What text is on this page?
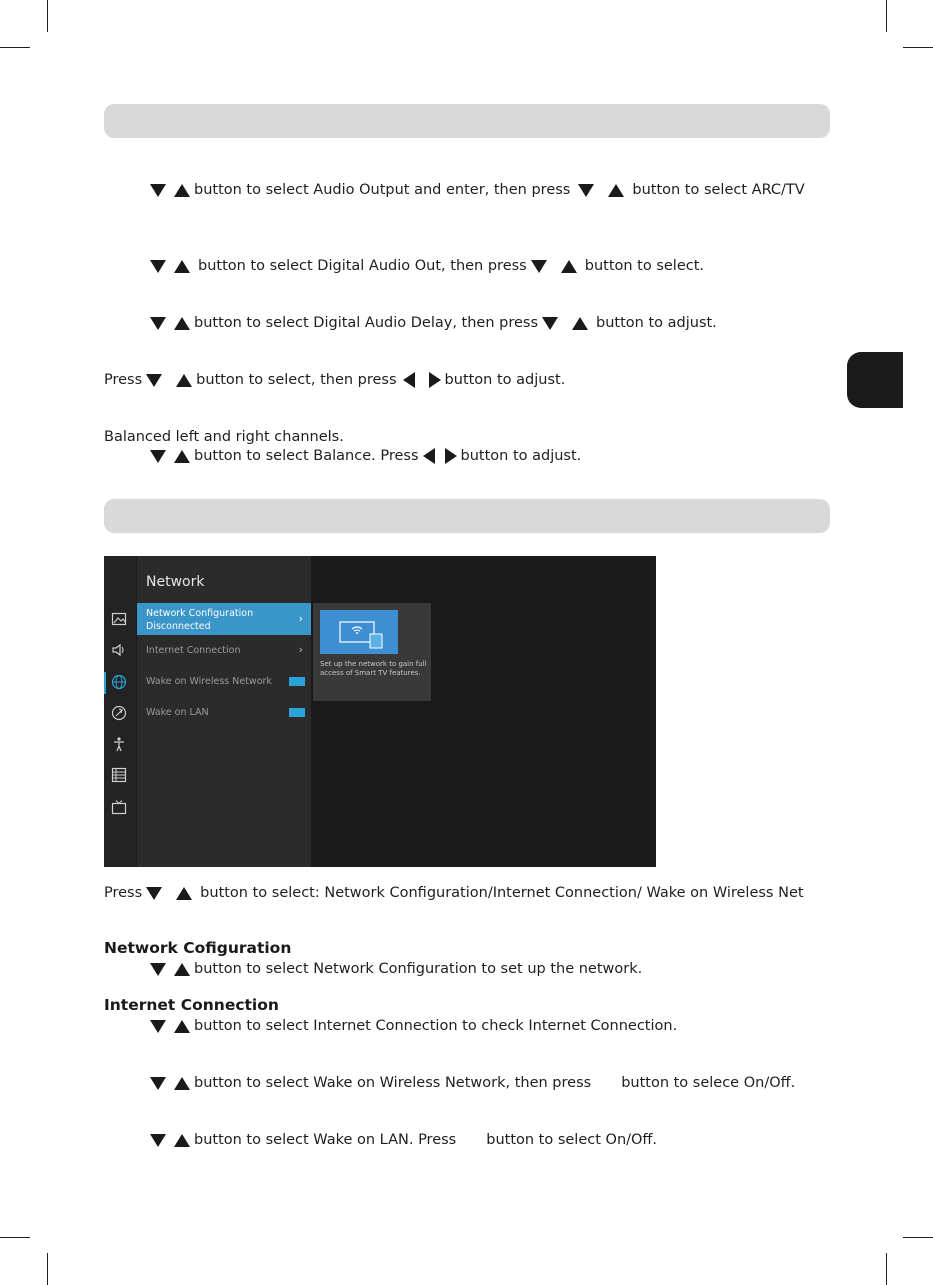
button to select Audio Output and enter, then press	button to select ARC/TV
button to select Digital Audio Out, then press	button to select.
button to select Digital Audio Delay, then press	button to adjust.
Press	button to select, then press	button to adjust.
Balanced left and right channels.
button to select Balance. Press	button to adjust.
Network
Network Configuration
Disconnected
›
Internet Connection	›
Wake on Wireless Network
Wake on LAN
Set up the network to gain full access of Smart TV features.
Press	button to select: Network Configuration/Internet Connection/ Wake on Wireless Net
Network Cofiguration
button to select Network Configuration to set up the network.
Internet Connection
button to select Internet Connection to check Internet Connection.
button to select Wake on Wireless Network, then press button to selece On/Off.
button to select Wake on LAN. Press button to select On/Off.
